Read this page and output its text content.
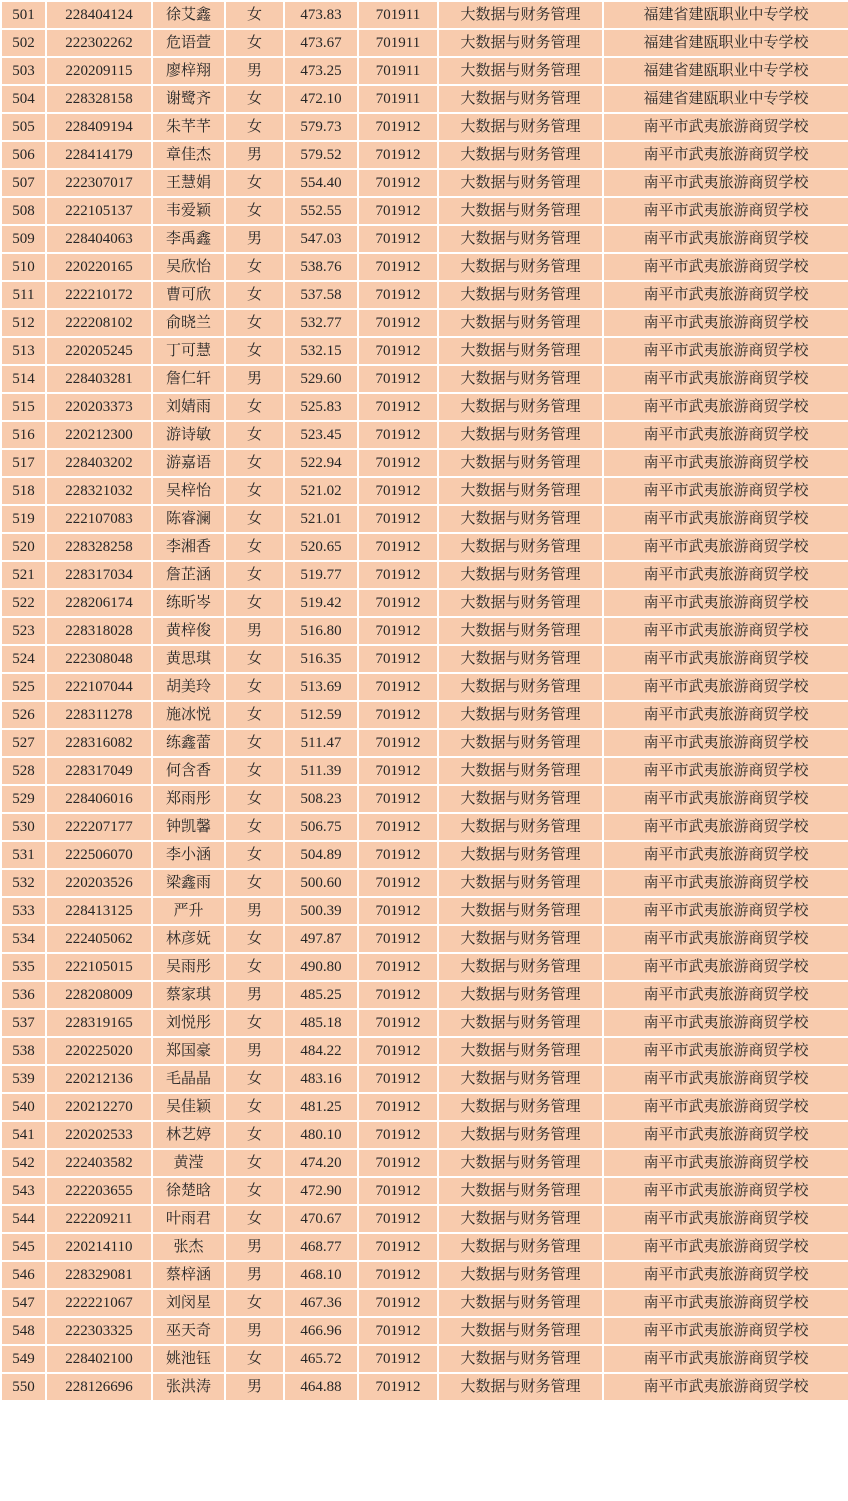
501	228404124	徐艾鑫	女	473.83	701911	大数据与财务管理	福建省建瓯职业中专学校
502	222302262	危语萱	女	473.67	701911	大数据与财务管理	福建省建瓯职业中专学校
503	220209115	廖梓翔	男	473.25	701911	大数据与财务管理	福建省建瓯职业中专学校
504	228328158	谢鹭齐	女	472.10	701911	大数据与财务管理	福建省建瓯职业中专学校
505	228409194	朱芊芊	女	579.73	701912	大数据与财务管理	南平市武夷旅游商贸学校
506	228414179	章佳杰	男	579.52	701912	大数据与财务管理	南平市武夷旅游商贸学校
507	222307017	王慧娟	女	554.40	701912	大数据与财务管理	南平市武夷旅游商贸学校
508	222105137	韦爱颖	女	552.55	701912	大数据与财务管理	南平市武夷旅游商贸学校
509	228404063	李禹鑫	男	547.03	701912	大数据与财务管理	南平市武夷旅游商贸学校
510	220220165	吴欣怡	女	538.76	701912	大数据与财务管理	南平市武夷旅游商贸学校
511	222210172	曹可欣	女	537.58	701912	大数据与财务管理	南平市武夷旅游商贸学校
512	222208102	俞晓兰	女	532.77	701912	大数据与财务管理	南平市武夷旅游商贸学校
513	220205245	丁可慧	女	532.15	701912	大数据与财务管理	南平市武夷旅游商贸学校
514	228403281	詹仁轩	男	529.60	701912	大数据与财务管理	南平市武夷旅游商贸学校
515	220203373	刘婧雨	女	525.83	701912	大数据与财务管理	南平市武夷旅游商贸学校
516	220212300	游诗敏	女	523.45	701912	大数据与财务管理	南平市武夷旅游商贸学校
517	228403202	游嘉语	女	522.94	701912	大数据与财务管理	南平市武夷旅游商贸学校
518	228321032	吴梓怡	女	521.02	701912	大数据与财务管理	南平市武夷旅游商贸学校
519	222107083	陈睿澜	女	521.01	701912	大数据与财务管理	南平市武夷旅游商贸学校
520	228328258	李湘香	女	520.65	701912	大数据与财务管理	南平市武夷旅游商贸学校
521	228317034	詹芷涵	女	519.77	701912	大数据与财务管理	南平市武夷旅游商贸学校
522	228206174	练昕岑	女	519.42	701912	大数据与财务管理	南平市武夷旅游商贸学校
523	228318028	黄梓俊	男	516.80	701912	大数据与财务管理	南平市武夷旅游商贸学校
524	222308048	黄思琪	女	516.35	701912	大数据与财务管理	南平市武夷旅游商贸学校
525	222107044	胡美玲	女	513.69	701912	大数据与财务管理	南平市武夷旅游商贸学校
526	228311278	施冰悦	女	512.59	701912	大数据与财务管理	南平市武夷旅游商贸学校
527	228316082	练鑫蕾	女	511.47	701912	大数据与财务管理	南平市武夷旅游商贸学校
528	228317049	何含香	女	511.39	701912	大数据与财务管理	南平市武夷旅游商贸学校
529	228406016	郑雨彤	女	508.23	701912	大数据与财务管理	南平市武夷旅游商贸学校
530	222207177	钟凯馨	女	506.75	701912	大数据与财务管理	南平市武夷旅游商贸学校
531	222506070	李小涵	女	504.89	701912	大数据与财务管理	南平市武夷旅游商贸学校
532	220203526	梁鑫雨	女	500.60	701912	大数据与财务管理	南平市武夷旅游商贸学校
533	228413125	严升	男	500.39	701912	大数据与财务管理	南平市武夷旅游商贸学校
534	222405062	林彦妩	女	497.87	701912	大数据与财务管理	南平市武夷旅游商贸学校
535	222105015	吴雨彤	女	490.80	701912	大数据与财务管理	南平市武夷旅游商贸学校
536	228208009	蔡家琪	男	485.25	701912	大数据与财务管理	南平市武夷旅游商贸学校
537	228319165	刘悦彤	女	485.18	701912	大数据与财务管理	南平市武夷旅游商贸学校
538	220225020	郑国豪	男	484.22	701912	大数据与财务管理	南平市武夷旅游商贸学校
539	220212136	毛晶晶	女	483.16	701912	大数据与财务管理	南平市武夷旅游商贸学校
540	220212270	吴佳颖	女	481.25	701912	大数据与财务管理	南平市武夷旅游商贸学校
541	220202533	林艺婷	女	480.10	701912	大数据与财务管理	南平市武夷旅游商贸学校
542	222403582	黄滢	女	474.20	701912	大数据与财务管理	南平市武夷旅游商贸学校
543	222203655	徐楚晗	女	472.90	701912	大数据与财务管理	南平市武夷旅游商贸学校
544	222209211	叶雨君	女	470.67	701912	大数据与财务管理	南平市武夷旅游商贸学校
545	220214110	张杰	男	468.77	701912	大数据与财务管理	南平市武夷旅游商贸学校
546	228329081	蔡梓涵	男	468.10	701912	大数据与财务管理	南平市武夷旅游商贸学校
547	222221067	刘闵星	女	467.36	701912	大数据与财务管理	南平市武夷旅游商贸学校
548	222303325	巫天奇	男	466.96	701912	大数据与财务管理	南平市武夷旅游商贸学校
549	228402100	姚池钰	女	465.72	701912	大数据与财务管理	南平市武夷旅游商贸学校
550	228126696	张洪涛	男	464.88	701912	大数据与财务管理	南平市武夷旅游商贸学校
